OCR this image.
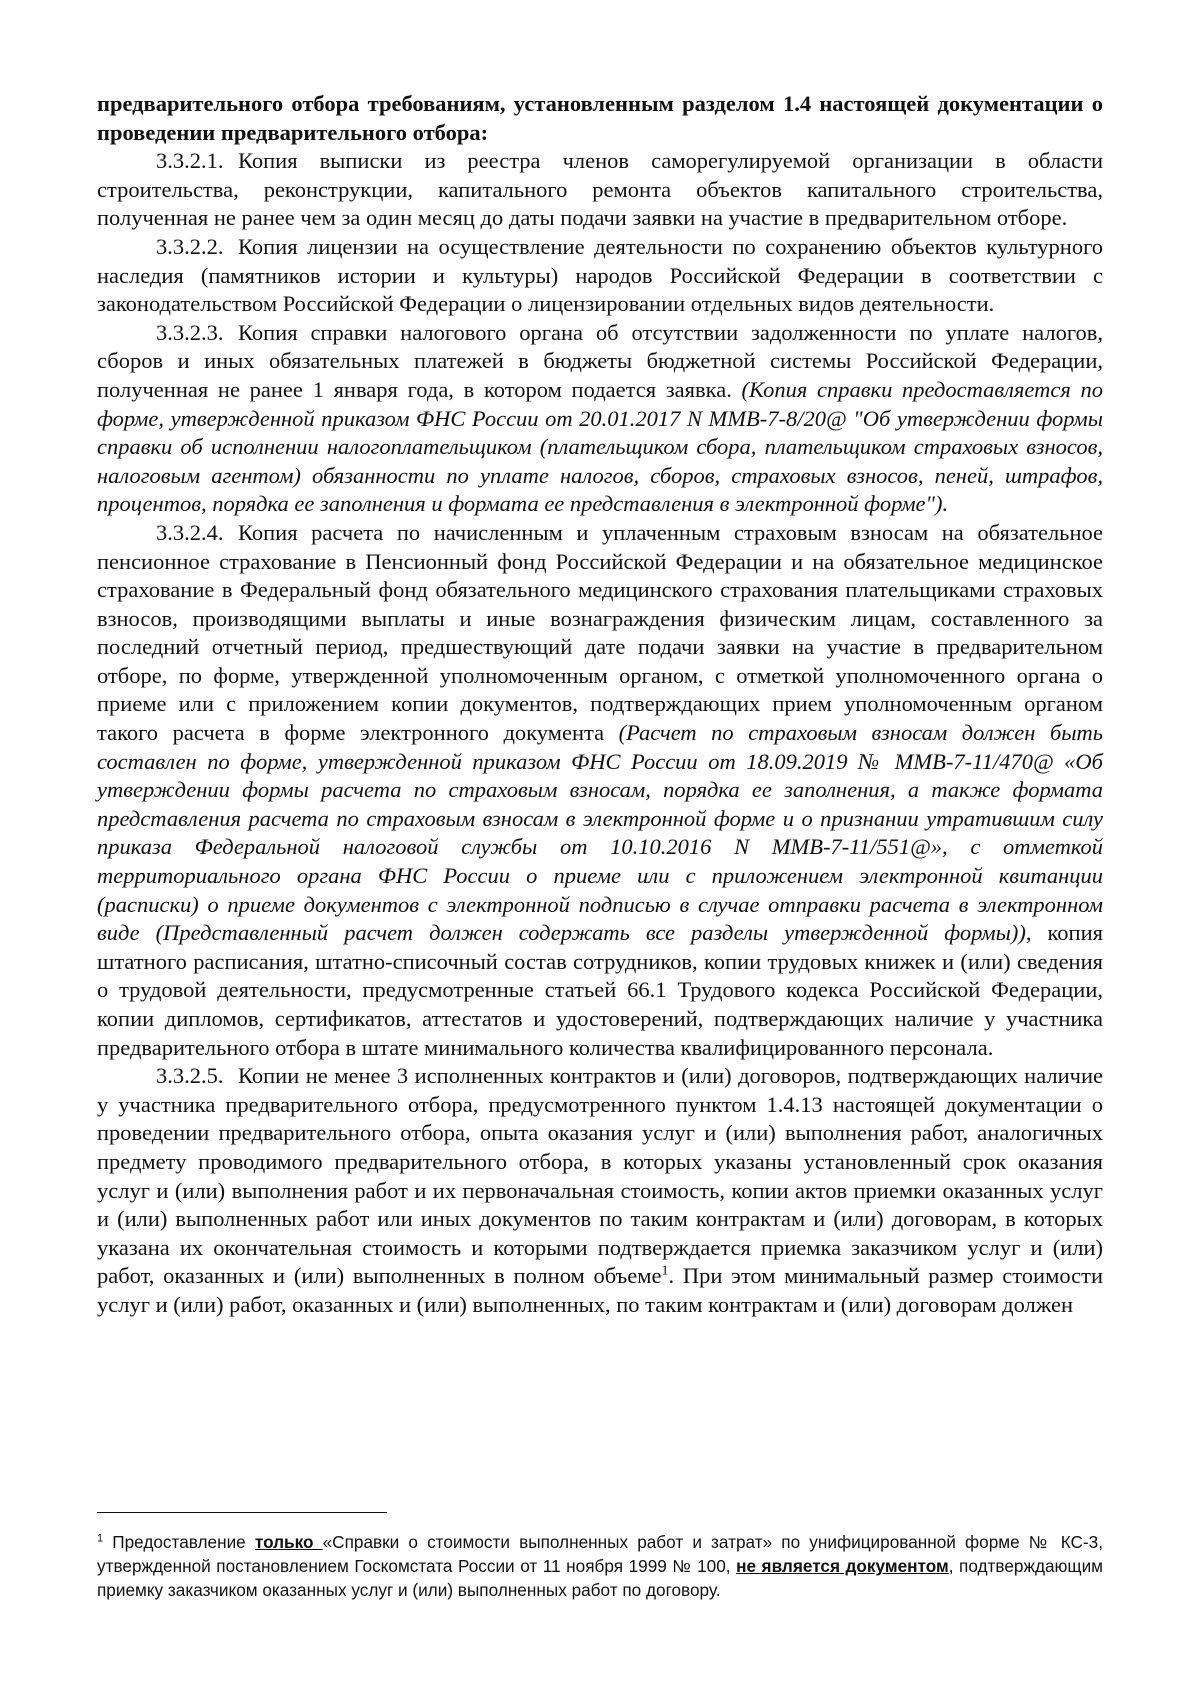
предварительного отбора требованиям, установленным разделом 1.4 настоящей документации о проведении предварительного отбора:

3.3.2.1. Копия выписки из реестра членов саморегулируемой организации в области строительства, реконструкции, капитального ремонта объектов капитального строительства, полученная не ранее чем за один месяц до даты подачи заявки на участие в предварительном отборе.

3.3.2.2. Копия лицензии на осуществление деятельности по сохранению объектов культурного наследия (памятников истории и культуры) народов Российской Федерации в соответствии с законодательством Российской Федерации о лицензировании отдельных видов деятельности.

3.3.2.3. Копия справки налогового органа об отсутствии задолженности по уплате налогов, сборов и иных обязательных платежей в бюджеты бюджетной системы Российской Федерации, полученная не ранее 1 января года, в котором подается заявка. (Копия справки предоставляется по форме, утвержденной приказом ФНС России от 20.01.2017 N ММВ-7-8/20@ "Об утверждении формы справки об исполнении налогоплательщиком (плательщиком сбора, плательщиком страховых взносов, налоговым агентом) обязанности по уплате налогов, сборов, страховых взносов, пеней, штрафов, процентов, порядка ее заполнения и формата ее представления в электронной форме").

3.3.2.4. Копия расчета по начисленным и уплаченным страховым взносам на обязательное пенсионное страхование в Пенсионный фонд Российской Федерации и на обязательное медицинское страхование в Федеральный фонд обязательного медицинского страхования плательщиками страховых взносов, производящими выплаты и иные вознаграждения физическим лицам, составленного за последний отчетный период, предшествующий дате подачи заявки на участие в предварительном отборе, по форме, утвержденной уполномоченным органом, с отметкой уполномоченного органа о приеме или с приложением копии документов, подтверждающих прием уполномоченным органом такого расчета в форме электронного документа (Расчет по страховым взносам должен быть составлен по форме, утвержденной приказом ФНС России от 18.09.2019 № ММВ-7-11/470@ «Об утверждении формы расчета по страховым взносам, порядка ее заполнения, а также формата представления расчета по страховым взносам в электронной форме и о признании утратившим силу приказа Федеральной налоговой службы от 10.10.2016 N ММВ-7-11/551@», с отметкой территориального органа ФНС России о приеме или с приложением электронной квитанции (расписки) о приеме документов с электронной подписью в случае отправки расчета в электронном виде (Представленный расчет должен содержать все разделы утвержденной формы)), копия штатного расписания, штатно-списочный состав сотрудников, копии трудовых книжек и (или) сведения о трудовой деятельности, предусмотренные статьей 66.1 Трудового кодекса Российской Федерации, копии дипломов, сертификатов, аттестатов и удостоверений, подтверждающих наличие у участника предварительного отбора в штате минимального количества квалифицированного персонала.

3.3.2.5. Копии не менее 3 исполненных контрактов и (или) договоров, подтверждающих наличие у участника предварительного отбора, предусмотренного пунктом 1.4.13 настоящей документации о проведении предварительного отбора, опыта оказания услуг и (или) выполнения работ, аналогичных предмету проводимого предварительного отбора, в которых указаны установленный срок оказания услуг и (или) выполнения работ и их первоначальная стоимость, копии актов приемки оказанных услуг и (или) выполненных работ или иных документов по таким контрактам и (или) договорам, в которых указана их окончательная стоимость и которыми подтверждается приемка заказчиком услуг и (или) работ, оказанных и (или) выполненных в полном объеме$^1$. При этом минимальный размер стоимости услуг и (или) работ, оказанных и (или) выполненных, по таким контрактам и (или) договорам должен

$^1$ Предоставление только «Справки о стоимости выполненных работ и затрат» по унифицированной форме № КС-3, утвержденной постановлением Госкомстата России от 11 ноября 1999 № 100, не является документом, подтверждающим приемку заказчиком оказанных услуг и (или) выполненных работ по договору.
